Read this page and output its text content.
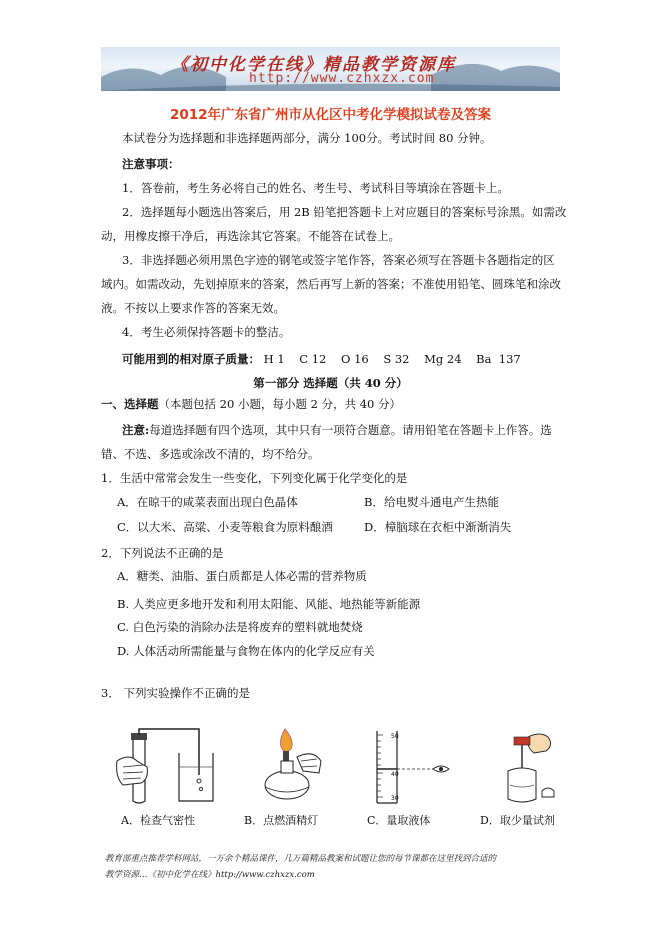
《初中化学在线》精品教学资源库
http://www.czhxzx.com
2012年广东省广州市从化区中考化学模拟试卷及答案
本试卷分为选择题和非选择题两部分，满分 100分。考试时间 80 分钟。
注意事项：
1．答卷前，考生务必将自己的姓名、考生号、考试科目等填涂在答题卡上。
2．选择题每小题选出答案后，用 2B 铅笔把答题卡上对应题目的答案标号涂黑。如需改
动，用橡皮擦干净后，再选涂其它答案。不能答在试卷上。
3．非选择题必须用黑色字迹的钢笔或签字笔作答，答案必须写在答题卡各题指定的区
域内。如需改动，先划掉原来的答案，然后再写上新的答案；不准使用铅笔、圆珠笔和涂改
液。不按以上要求作答的答案无效。
4．考生必须保持答题卡的整洁。
可能用到的相对原子质量： H 1    C 12    O 16    S 32    Mg 24    Ba  137
第一部分 选择题（共 40 分）
一、选择题（本题包括 20 小题，每小题 2 分，共 40 分）
注意:每道选择题有四个选项，其中只有一项符合题意。请用铅笔在答题卡上作答。选
错、不选、多选或涂改不清的，均不给分。
1．生活中常常会发生一些变化，下列变化属于化学变化的是
A．在晾干的咸菜表面出现白色晶体	B．给电熨斗通电产生热能
C．以大米、高粱、小麦等粮食为原料酿酒	D．樟脑球在衣柜中渐渐消失
2．下列说法不正确的是
A．糖类、油脂、蛋白质都是人体必需的营养物质
B. 人类应更多地开发和利用太阳能、风能、地热能等新能源
C. 白色污染的消除办法是将废弃的塑料就地焚烧
D. 人体活动所需能量与食物在体内的化学反应有关
3． 下列实验操作不正确的是
A．检查气密性	B．点燃酒精灯
50
40
30
C．量取液体	D．取少量试剂
教育部重点推荐学科网站，一万余个精品课件，几万篇精品教案和试题让您的每节课都在这里找到合适的
教学资源…《初中化学在线》http://www.czhxzx.com
